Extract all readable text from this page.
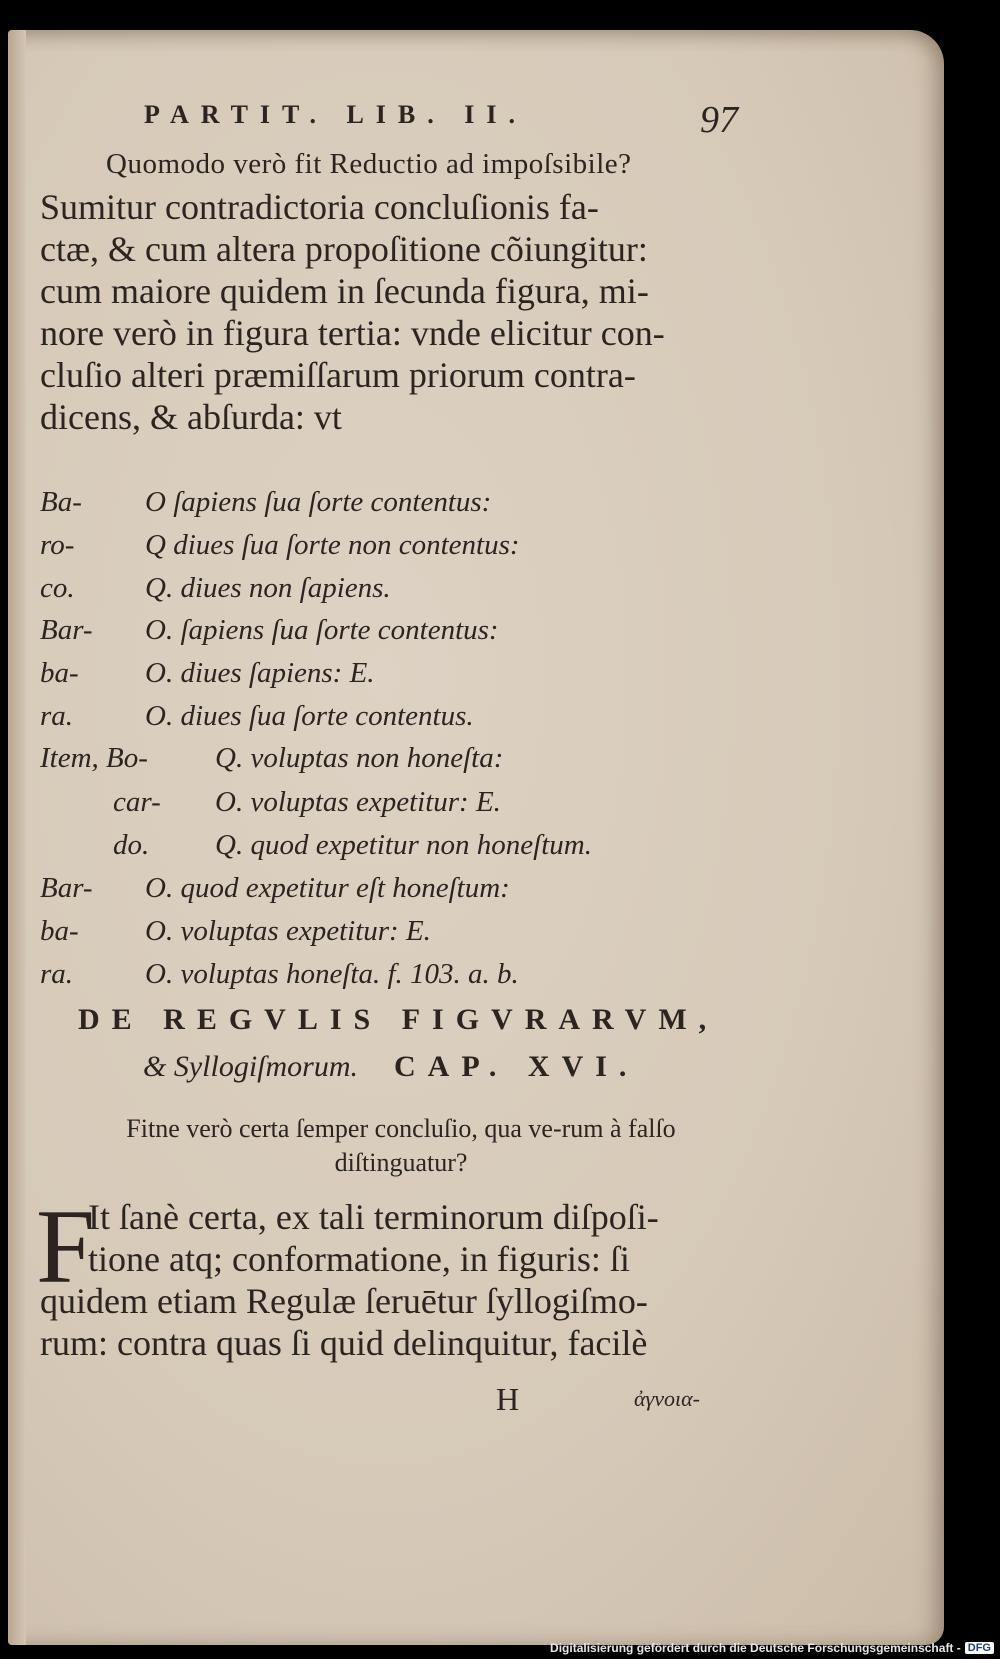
PARTIT. LIB. II.	97
Quomodo verò fit Reductio ad impoſsibile?
Sumitur contradictoria concluſionis fa-
ctæ, & cum altera propoſitione cõiungitur:
cum maiore quidem in ſecunda figura, mi-
nore verò in figura tertia: vnde elicitur con-
cluſio alteri præmiſſarum priorum contra-
dicens, & abſurda: vt
Ba-	O ſapiens ſua ſorte contentus:
ro-	Q diues ſua ſorte non contentus:
co.	Q. diues non ſapiens.
Bar-	O. ſapiens ſua ſorte contentus:
ba-	O. diues ſapiens: E.
ra.	O. diues ſua ſorte contentus.
Item, Bo-	Q. voluptas non honeſta:
car-	O. voluptas expetitur: E.
do.	Q. quod expetitur non honeſtum.
Bar-	O. quod expetitur eſt honeſtum:
ba-	O. voluptas expetitur: E.
ra.	O. voluptas honeſta. f. 103. a. b.
DE REGVLIS FIGVRARVM,
& Syllogiſmorum. CAP. XVI.
Fitne verò certa ſemper concluſio, qua ve-rum à falſo diſtinguatur?
F
It ſanè certa, ex tali terminorum diſpoſi-
tione atq; conformatione, in figuris: ſi
quidem etiam Regulæ ſeruētur ſyllogiſmo-
rum: contra quas ſi quid delinquitur, facilè
H	ἀγνοια-
Digitalisierung gefördert durch die Deutsche Forschungsgemeinschaft - DFG
